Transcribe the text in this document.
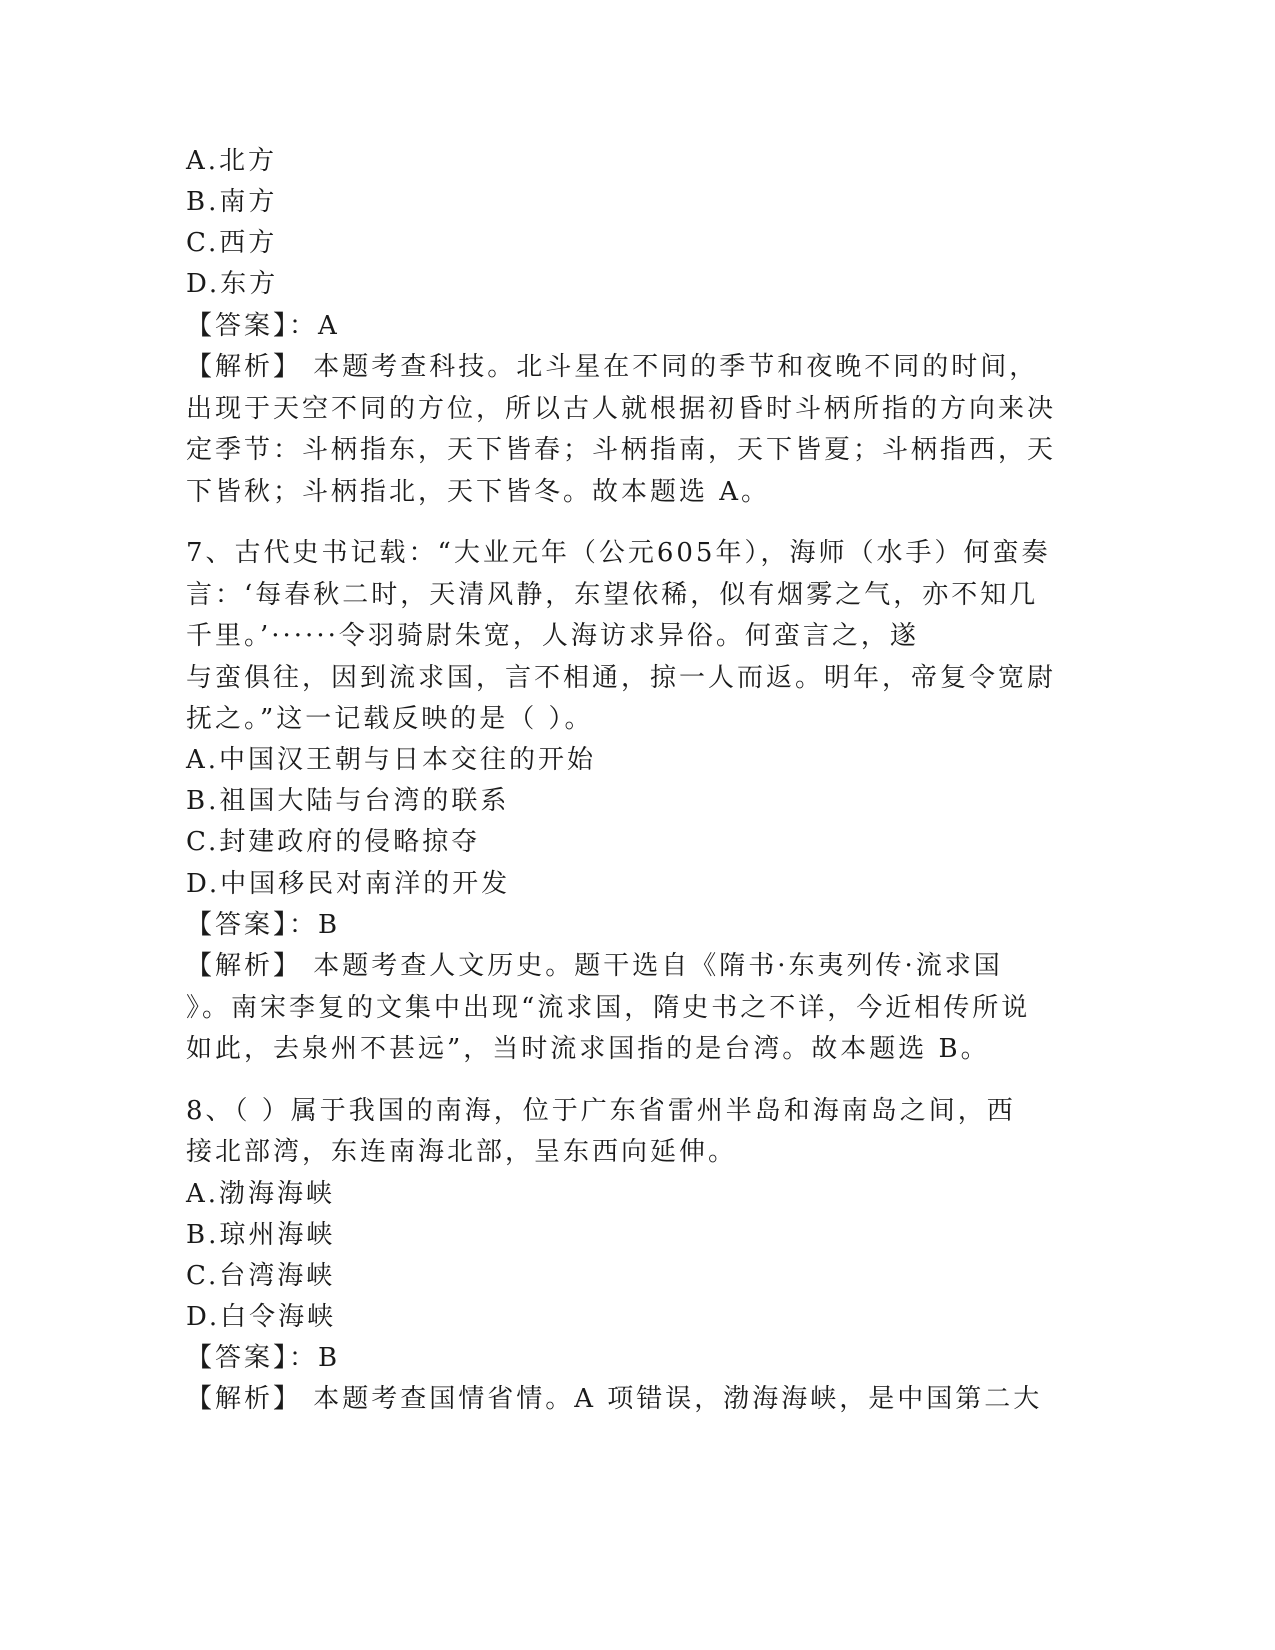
A.北方
B.南方
C.西方
D.东方
【答案】：A
【解析】 本题考查科技。北斗星在不同的季节和夜晚不同的时间，
出现于天空不同的方位，所以古人就根据初昏时斗柄所指的方向来决
定季节：斗柄指东，天下皆春；斗柄指南，天下皆夏；斗柄指西，天
下皆秋；斗柄指北，天下皆冬。故本题选 A。
7、古代史书记载：“大业元年（公元605年），海师（水手）何蛮奏
言：‘每春秋二时，天清风静，东望依稀，似有烟雾之气，亦不知几
千里。’······令羽骑尉朱宽，人海访求异俗。何蛮言之，遂
与蛮俱往，因到流求国，言不相通，掠一人而返。明年，帝复令宽尉
抚之。”这一记载反映的是（ ）。
A.中国汉王朝与日本交往的开始
B.祖国大陆与台湾的联系
C.封建政府的侵略掠夺
D.中国移民对南洋的开发
【答案】：B
【解析】 本题考查人文历史。题干选自《隋书·东夷列传·流求国
》。南宋李复的文集中出现“流求国，隋史书之不详，今近相传所说
如此，去泉州不甚远”，当时流求国指的是台湾。故本题选 B。
8、（ ）属于我国的南海，位于广东省雷州半岛和海南岛之间，西
接北部湾，东连南海北部，呈东西向延伸。
A.渤海海峡
B.琼州海峡
C.台湾海峡
D.白令海峡
【答案】：B
【解析】 本题考查国情省情。A 项错误，渤海海峡，是中国第二大
